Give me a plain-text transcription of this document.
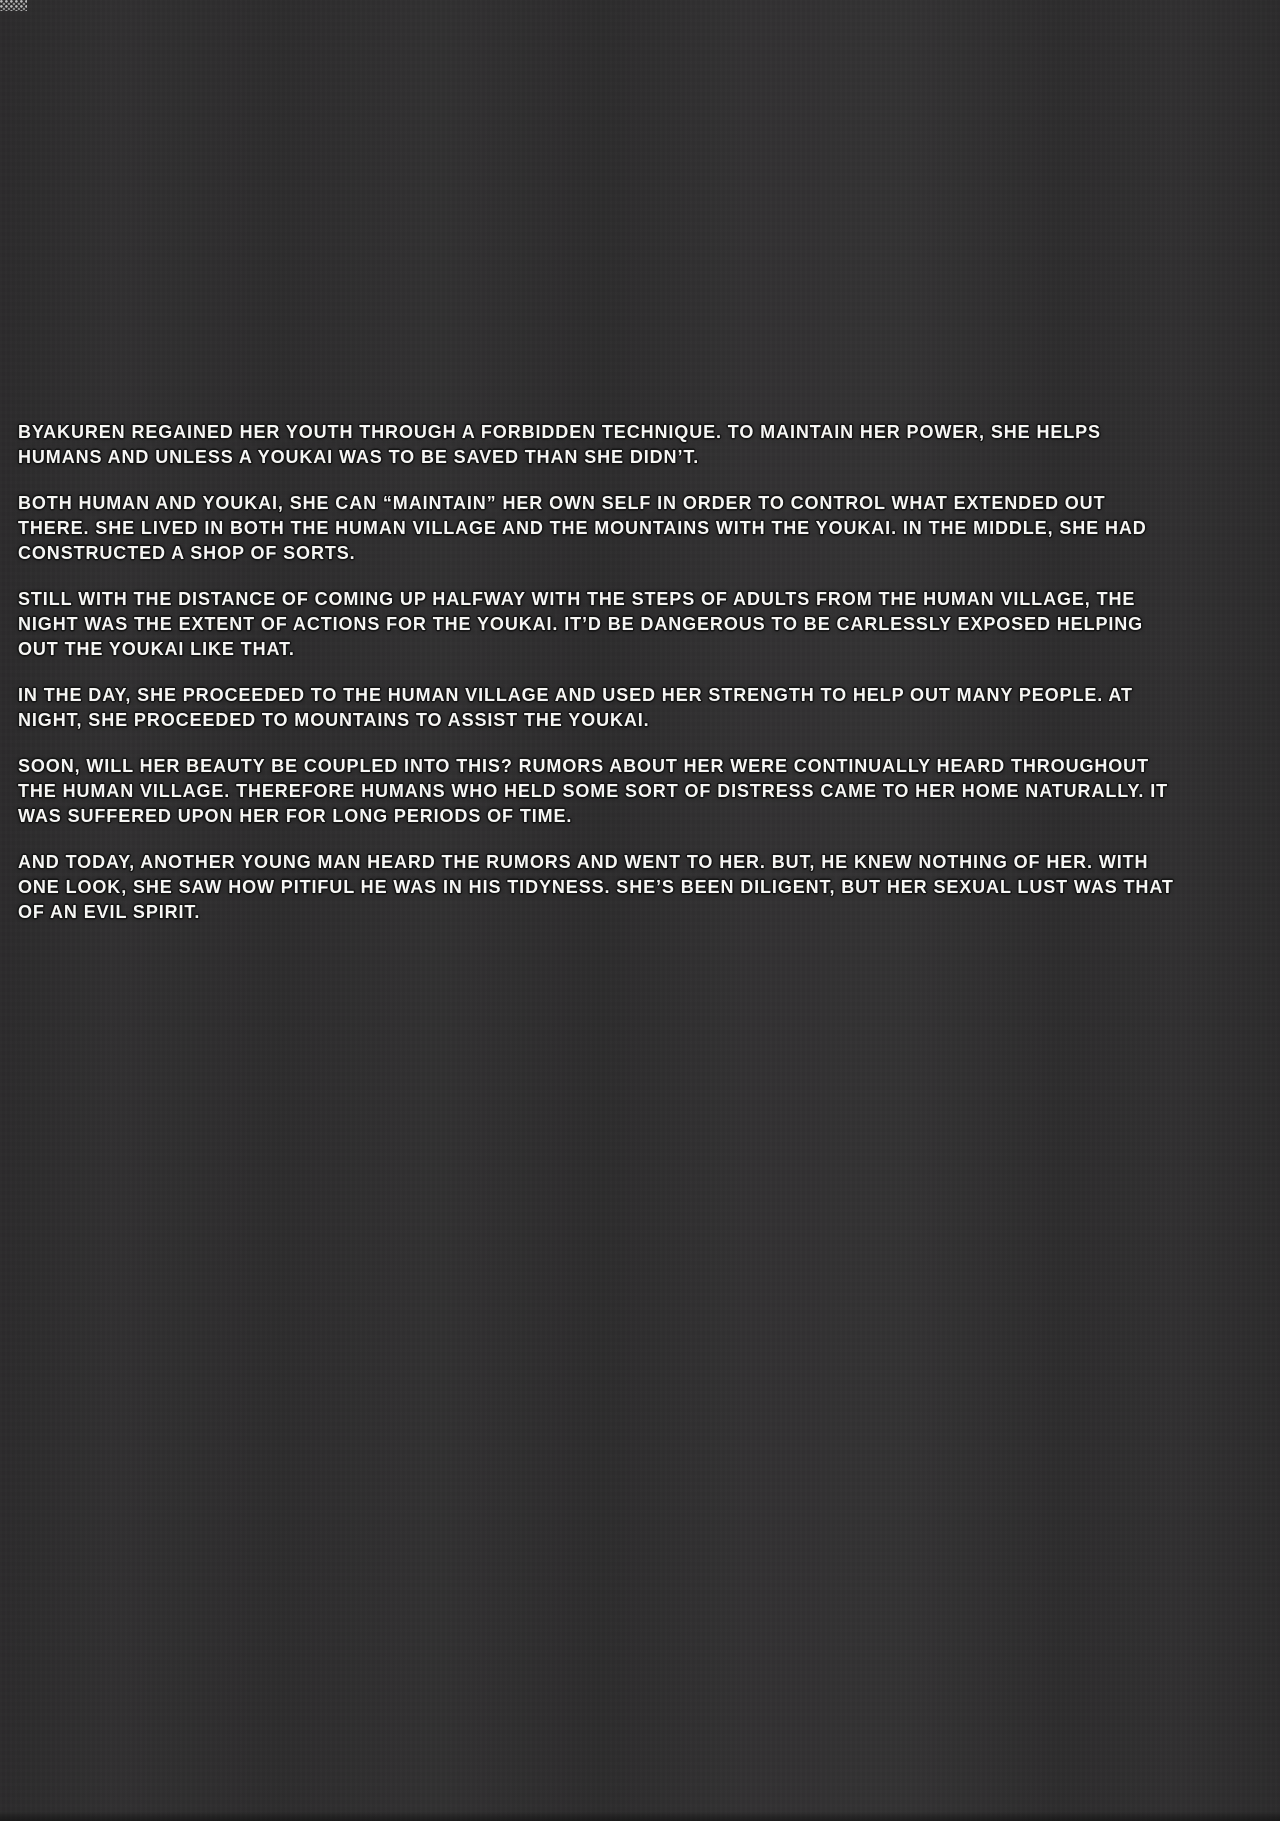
BYAKUREN REGAINED HER YOUTH THROUGH A FORBIDDEN TECHNIQUE. TO MAINTAIN HER POWER, SHE HELPS
HUMANS AND UNLESS A YOUKAI WAS TO BE SAVED THAN SHE DIDN’T.

BOTH HUMAN AND YOUKAI, SHE CAN “MAINTAIN” HER OWN SELF IN ORDER TO CONTROL WHAT EXTENDED OUT
THERE. SHE LIVED IN BOTH THE HUMAN VILLAGE AND THE MOUNTAINS WITH THE YOUKAI. IN THE MIDDLE, SHE HAD
CONSTRUCTED A SHOP OF SORTS.

STILL WITH THE DISTANCE OF COMING UP HALFWAY WITH THE STEPS OF ADULTS FROM THE HUMAN VILLAGE, THE
NIGHT WAS THE EXTENT OF ACTIONS FOR THE YOUKAI. IT’D BE DANGEROUS TO BE CARLESSLY EXPOSED HELPING
OUT THE YOUKAI LIKE THAT.

IN THE DAY, SHE PROCEEDED TO THE HUMAN VILLAGE AND USED HER STRENGTH TO HELP OUT MANY PEOPLE. AT
NIGHT, SHE PROCEEDED TO MOUNTAINS TO ASSIST THE YOUKAI.

SOON, WILL HER BEAUTY BE COUPLED INTO THIS? RUMORS ABOUT HER WERE CONTINUALLY HEARD THROUGHOUT
THE HUMAN VILLAGE. THEREFORE HUMANS WHO HELD SOME SORT OF DISTRESS CAME TO HER HOME NATURALLY. IT
WAS SUFFERED UPON HER FOR LONG PERIODS OF TIME.

AND TODAY, ANOTHER YOUNG MAN HEARD THE RUMORS AND WENT TO HER. BUT, HE KNEW NOTHING OF HER. WITH
ONE LOOK, SHE SAW HOW PITIFUL HE WAS IN HIS TIDYNESS. SHE’S BEEN DILIGENT, BUT HER SEXUAL LUST WAS THAT
OF AN EVIL SPIRIT.
